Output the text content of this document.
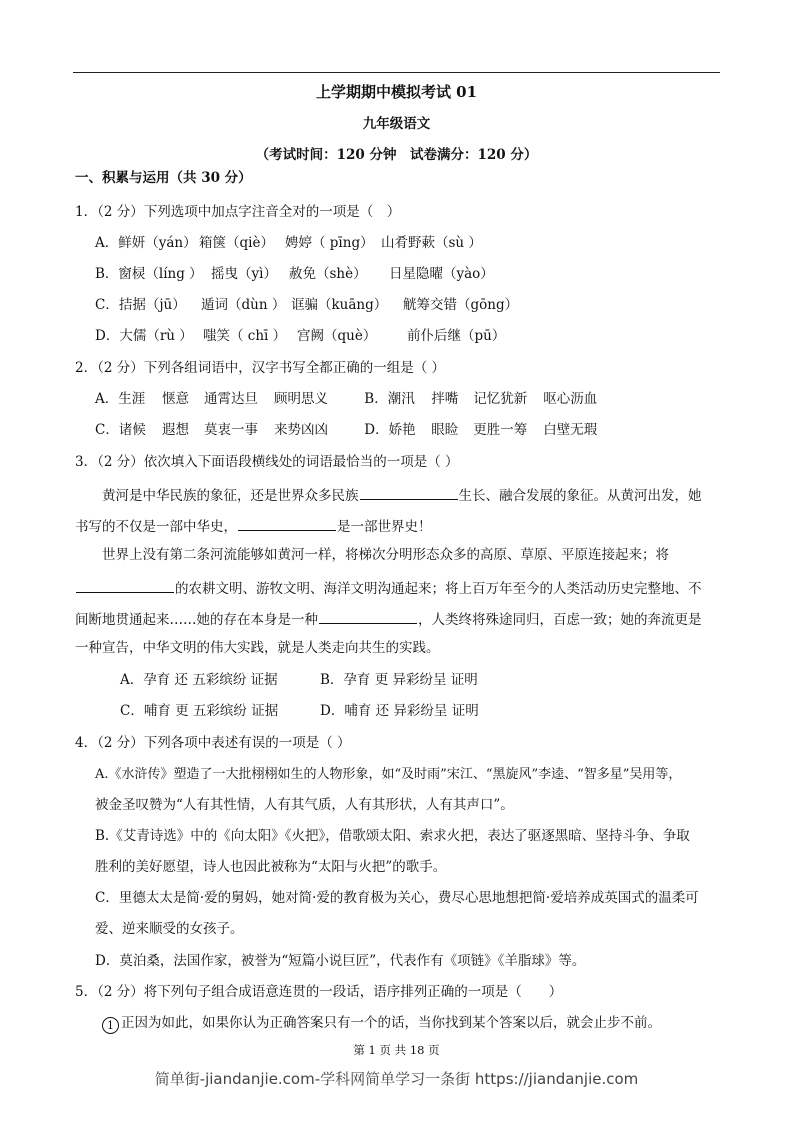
上学期期中模拟考试 01
九年级语文
（考试时间：120 分钟　试卷满分：120 分）
一、积累与运用（共 30 分）
1．（2 分）下列选项中加点字注音全对的一项是（　）
A．鲜妍（yán） 箱箧（qiè） 娉婷（ pīng） 山肴野蔌（sù ）
B．窗棂（líng ） 摇曳（yì） 赦免（shè） 日星隐曜（yào）
C．拮据（jū） 遁词（dùn ） 诓骗（kuāng） 觥筹交错（gōng）
D．大儒（rù ） 嗤笑（ chī ） 宫阙（què） 前仆后继（pū）
2．（2 分）下列各组词语中，汉字书写全都正确的一组是（ ）
A．生涯 惬意 通霄达旦 顾明思义	B．潮汛 拌嘴 记忆犹新 呕心沥血
C．诸候 遐想 莫衷一事 来势凶凶	D．娇艳 眼睑 更胜一筹 白壁无瑕
3．（2 分）依次填入下面语段横线处的词语最恰当的一项是（ ）
黄河是中华民族的象征，还是世界众多民族	生长、融合发展的象征。从黄河出发，她
书写的不仅是一部中华史，	是一部世界史！
世界上没有第二条河流能够如黄河一样，将梯次分明形态众多的高原、草原、平原连接起来；将
的农耕文明、游牧文明、海洋文明沟通起来；将上百万年至今的人类活动历史完整地、不
间断地贯通起来……她的存在本身是一种	，人类终将殊途同归，百虑一致；她的奔流更是
一种宣告，中华文明的伟大实践，就是人类走向共生的实践。
A．孕育 还 五彩缤纷 证据	B．孕育 更 异彩纷呈 证明
C．哺育 更 五彩缤纷 证据	D．哺育 还 异彩纷呈 证明
4．（2 分）下列各项中表述有误的一项是（ ）
A.《水浒传》塑造了一大批栩栩如生的人物形象，如“及时雨”宋江、“黑旋风”李逵、“智多星”吴用等，
被金圣叹赞为“人有其性情，人有其气质，人有其形状，人有其声口”。
B.《艾青诗选》中的《向太阳》《火把》，借歌颂太阳、索求火把，表达了驱逐黑暗、坚持斗争、争取
胜利的美好愿望，诗人也因此被称为“太阳与火把”的歌手。
C．里德太太是简·爱的舅妈，她对简·爱的教育极为关心，费尽心思地想把简·爱培养成英国式的温柔可
爱、逆来顺受的女孩子。
D．莫泊桑，法国作家，被誉为“短篇小说巨匠”，代表作有《项链》《羊脂球》等。
5．（2 分）将下列句子组合成语意连贯的一段话，语序排列正确的一项是（　　）
1 正因为如此，如果你认为正确答案只有一个的话，当你找到某个答案以后，就会止步不前。
第 1 页 共 18 页
简单街-jiandanjie.com-学科网简单学习一条街 https://jiandanjie.com
